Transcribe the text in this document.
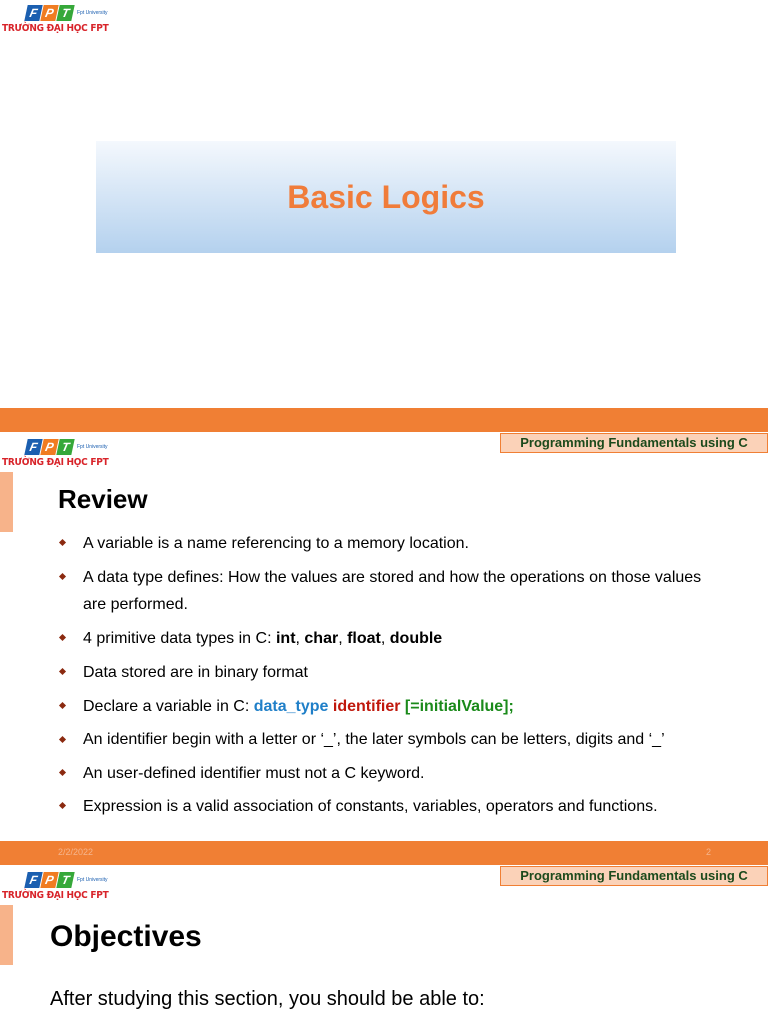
F P T	Fpt University
TRƯỜNG ĐẠI HỌC FPT
Basic Logics
F P T	Fpt University
TRƯỜNG ĐẠI HỌC FPT
Programming Fundamentals using C
Review
A variable is a name referencing to a memory location.
A data type defines: How the values are stored and how the operations on those values are performed.
4 primitive data types in C: int, char, float, double
Data stored are in binary format
Declare a variable in C: data_type identifier [=initialValue];
An identifier begin with a letter or ‘_’, the later symbols can be letters, digits and ‘_’
An user-defined identifier must not a C keyword.
Expression is a valid association of constants, variables, operators and functions.
2/2/2022	2
F P T	Fpt University
TRƯỜNG ĐẠI HỌC FPT
Programming Fundamentals using C
Objectives

After studying this section, you should be able to:
